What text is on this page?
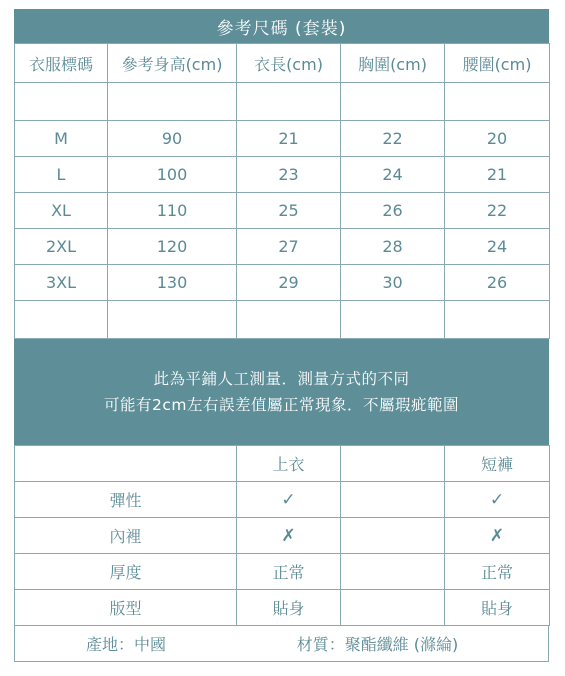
參考尺碼 (套裝)
衣服標碼	參考身高(cm)	衣長(cm)	胸圍(cm)	腰圍(cm)

M	90	21	22	20
L	100	23	24	21
XL	110	25	26	22
2XL	120	27	28	24
3XL	130	29	30	26

此為平鋪人工測量．測量方式的不同
可能有2cm左右誤差值屬正常現象．不屬瑕疵範圍
	上衣		短褲
彈性	✓		✓
內裡	✗		✗
厚度	正常		正常
版型	貼身		貼身
產地：中國	材質：聚酯纖維 (滌綸)
